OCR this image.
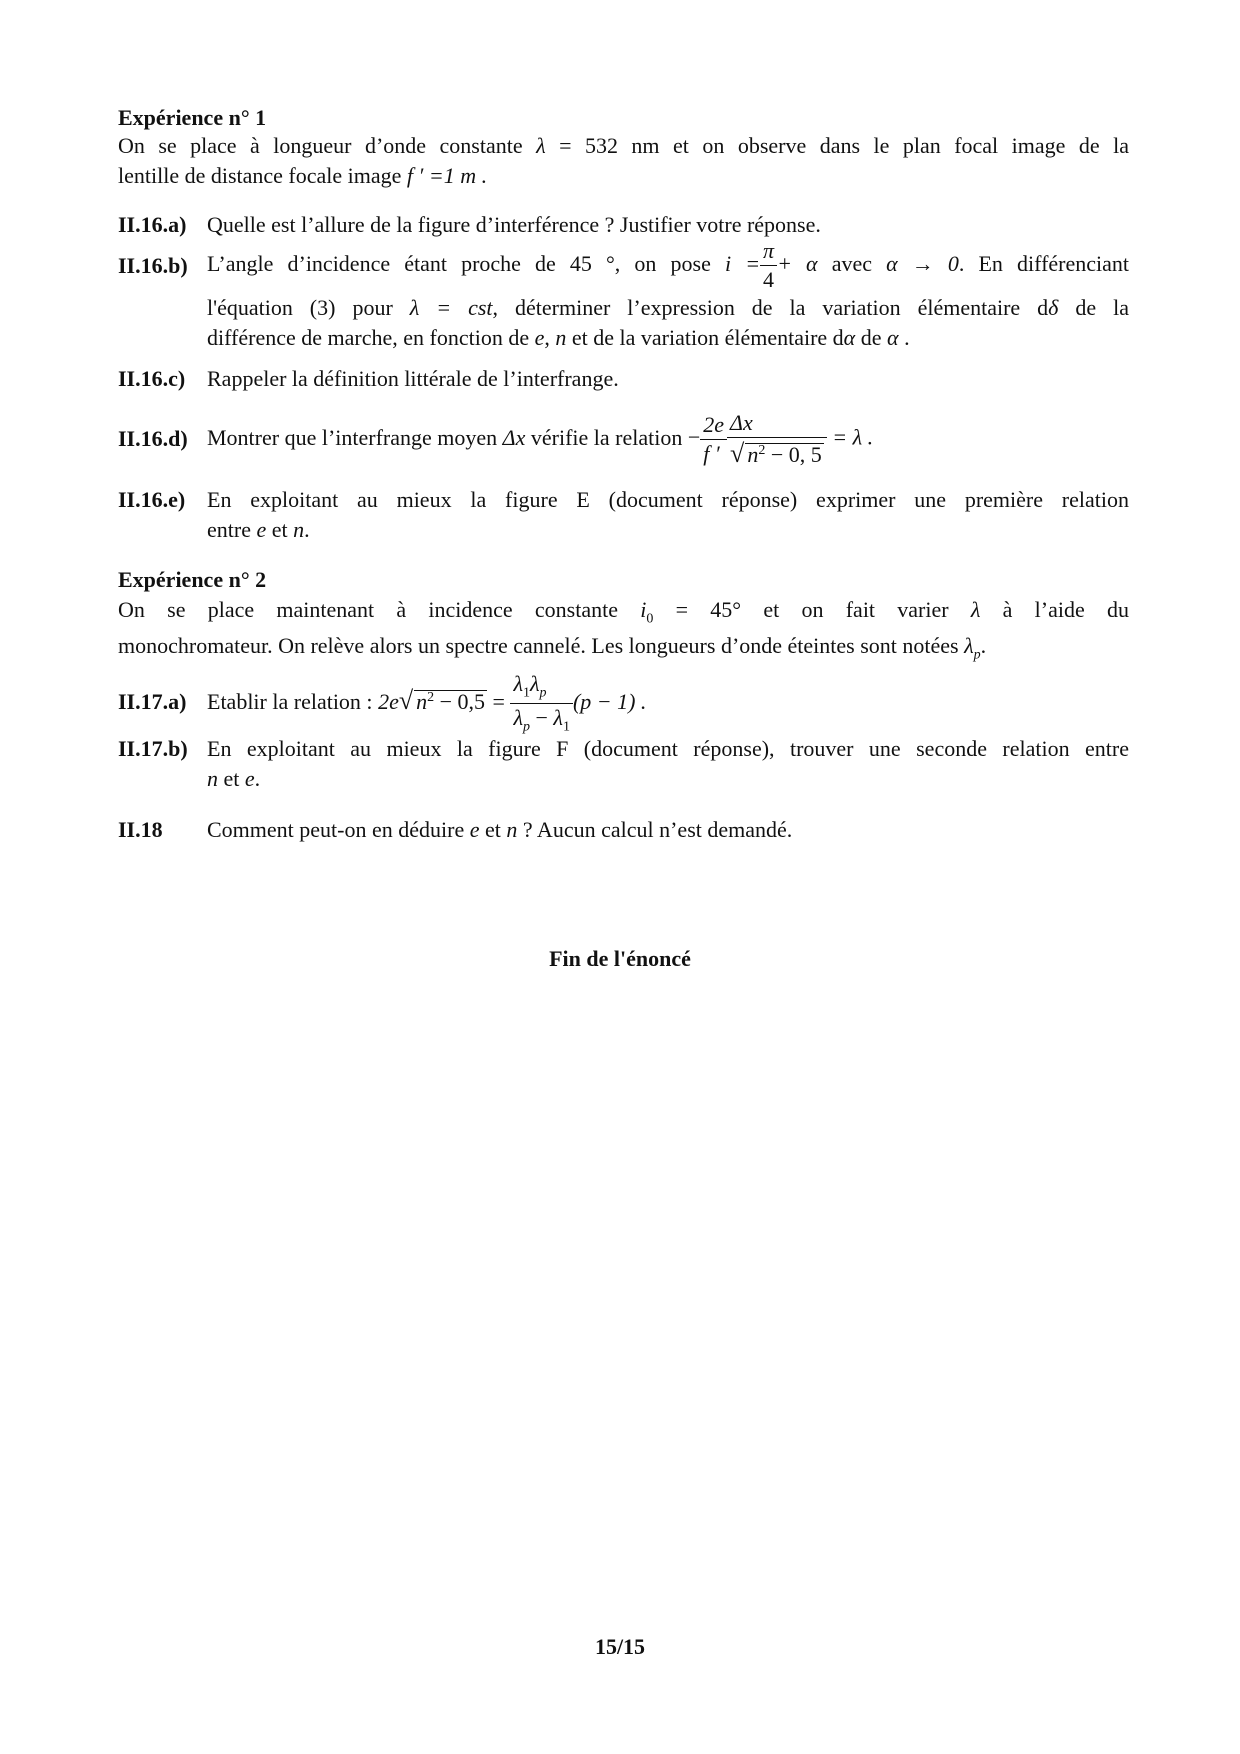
Expérience n° 1
On se place à longueur d’onde constante λ = 532 nm et on observe dans le plan focal image de la
lentille de distance focale image f ′ =1 m .
II.16.a) Quelle est l’allure de la figure d’interférence ? Justifier votre réponse.
II.16.b) L’angle d’incidence étant proche de 45 °, on pose $i = \frac{\pi}{4} + \alpha$ avec α → 0. En différenciant
l'équation (3) pour λ = cst, déterminer l’expression de la variation élémentaire dδ de la
différence de marche, en fonction de e, n et de la variation élémentaire dα de α .
II.16.c) Rappeler la définition littérale de l’interfrange.
II.16.d) Montrer que l’interfrange moyen Δx vérifie la relation − $\frac{2e}{f '} \frac{\Delta x}{√ n^2 - 0, 5} = \lambda$ .
II.16.e) En exploitant au mieux la figure E (document réponse) exprimer une première relation
entre e et n.
Expérience n° 2
On se place maintenant à incidence constante $i_0 = 45^\circ$ et on fait varier λ à l’aide du
monochromateur. On relève alors un spectre cannelé. Les longueurs d’onde éteintes sont notées $\lambda_p$.
II.17.a) Etablir la relation : 2e√ $n^2 - 0,5 = \frac{\lambda_1\lambda_p}{\lambda_p - \lambda_1} (p - 1)$ .
II.17.b) En exploitant au mieux la figure F (document réponse), trouver une seconde relation entre
n et e.
II.18 Comment peut-on en déduire e et n ? Aucun calcul n’est demandé.
Fin de l'énoncé
15/15
